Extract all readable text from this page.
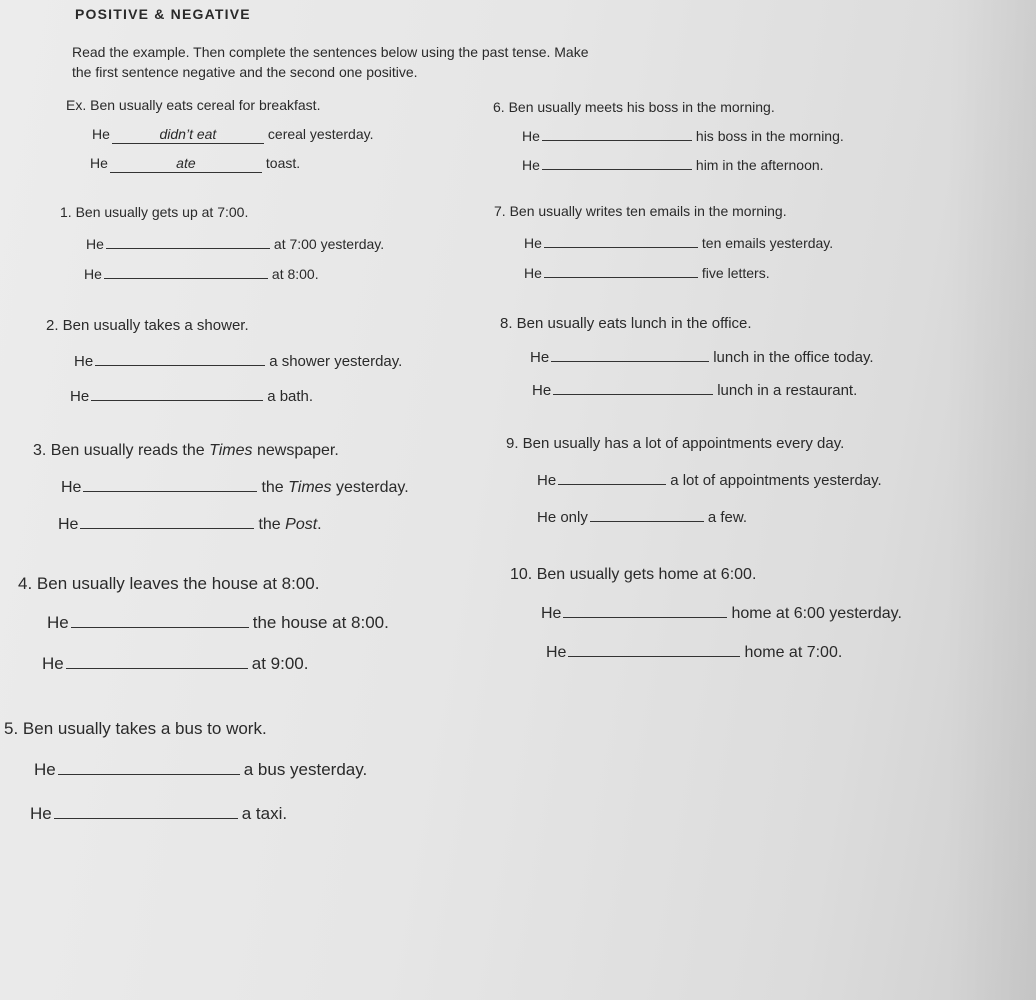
POSITIVE & NEGATIVE
Read the example. Then complete the sentences below using the past tense. Make the first sentence negative and the second one positive.
Ex. Ben usually eats cereal for breakfast.
He	didn’t eat	cereal yesterday.
He	ate	toast.
1. Ben usually gets up at 7:00.
He	at 7:00 yesterday.
He	at 8:00.
2. Ben usually takes a shower.
He	a shower yesterday.
He	a bath.
3. Ben usually reads the Times newspaper.
He	the Times yesterday.
He	the Post.
4. Ben usually leaves the house at 8:00.
He	the house at 8:00.
He	at 9:00.
5. Ben usually takes a bus to work.
He	a bus yesterday.
He	a taxi.
6. Ben usually meets his boss in the morning.
He	his boss in the morning.
He	him in the afternoon.
7. Ben usually writes ten emails in the morning.
He	ten emails yesterday.
He	five letters.
8. Ben usually eats lunch in the office.
He	lunch in the office today.
He	lunch in a restaurant.
9. Ben usually has a lot of appointments every day.
He	a lot of appointments yesterday.
He only	a few.
10. Ben usually gets home at 6:00.
He	home at 6:00 yesterday.
He	home at 7:00.
